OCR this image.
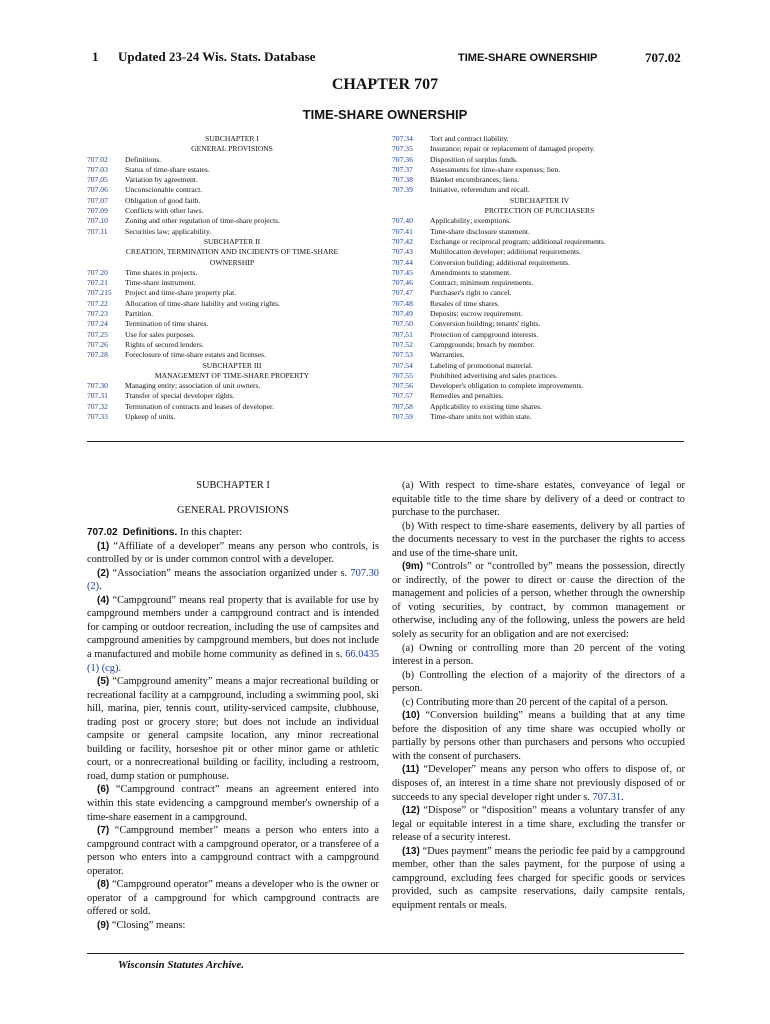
1 Updated 23-24 Wis. Stats. Database	TIME-SHARE OWNERSHIP	707.02
CHAPTER 707
TIME-SHARE OWNERSHIP
SUBCHAPTER I
GENERAL PROVISIONS
707.02	Definitions.
707.03	Status of time-share estates.
707.05	Variation by agreement.
707.06	Unconscionable contract.
707.07	Obligation of good faith.
707.09	Conflicts with other laws.
707.10	Zoning and other regulation of time-share projects.
707.11	Securities law; applicability.
SUBCHAPTER II
CREATION, TERMINATION AND INCIDENTS OF TIME-SHARE
OWNERSHIP
707.20	Time shares in projects.
707.21	Time-share instrument.
707.215	Project and time-share property plat.
707.22	Allocation of time-share liability and voting rights.
707.23	Partition.
707.24	Termination of time shares.
707.25	Use for sales purposes.
707.26	Rights of secured lenders.
707.28	Foreclosure of time-share estates and licenses.
SUBCHAPTER III
MANAGEMENT OF TIME-SHARE PROPERTY
707.30	Managing entity; association of unit owners.
707.31	Transfer of special developer rights.
707.32	Termination of contracts and leases of developer.
707.33	Upkeep of units.
707.34	Tort and contract liability.
707.35	Insurance; repair or replacement of damaged property.
707.36	Disposition of surplus funds.
707.37	Assessments for time-share expenses; lien.
707.38	Blanket encumbrances; liens.
707.39	Initiative, referendum and recall.
SUBCHAPTER IV
PROTECTION OF PURCHASERS
707.40	Applicability; exemptions.
707.41	Time-share disclosure statement.
707.42	Exchange or reciprocal program; additional requirements.
707.43	Multilocation developer; additional requirements.
707.44	Conversion building; additional requirements.
707.45	Amendments to statement.
707.46	Contract; minimum requirements.
707.47	Purchaser's right to cancel.
707.48	Resales of time shares.
707.49	Deposits; escrow requirement.
707.50	Conversion building; tenants' rights.
707.51	Protection of campground interests.
707.52	Campgrounds; breach by member.
707.53	Warranties.
707.54	Labeling of promotional material.
707.55	Prohibited advertising and sales practices.
707.56	Developer's obligation to complete improvements.
707.57	Remedies and penalties.
707.58	Applicability to existing time shares.
707.59	Time-share units not within state.

SUBCHAPTER I

GENERAL PROVISIONS

707.02 Definitions. In this chapter:

(1) “Affiliate of a developer” means any person who controls, is controlled by or is under common control with a developer.

(2) “Association” means the association organized under s. 707.30 (2).

(4) “Campground” means real property that is available for use by campground members under a campground contract and is intended for camping or outdoor recreation, including the use of campsites and campground amenities by campground members, but does not include a manufactured and mobile home community as defined in s. 66.0435 (1) (cg).

(5) “Campground amenity” means a major recreational building or recreational facility at a campground, including a swimming pool, ski hill, marina, pier, tennis court, utility-serviced campsite, clubhouse, trading post or grocery store; but does not include an individual campsite or general campsite location, any minor recreational building or facility, horseshoe pit or other minor game or athletic court, or a nonrecreational building or facility, including a restroom, road, dump station or pumphouse.

(6) “Campground contract” means an agreement entered into within this state evidencing a campground member's ownership of a time-share easement in a campground.

(7) “Campground member” means a person who enters into a campground contract with a campground operator, or a transferee of a person who enters into a campground contract with a campground operator.

(8) “Campground operator” means a developer who is the owner or operator of a campground for which campground contracts are offered or sold.

(9) “Closing” means:

(a) With respect to time-share estates, conveyance of legal or equitable title to the time share by delivery of a deed or contract to purchase to the purchaser.

(b) With respect to time-share easements, delivery by all parties of the documents necessary to vest in the purchaser the rights to access and use of the time-share unit.

(9m) “Controls” or “controlled by” means the possession, directly or indirectly, of the power to direct or cause the direction of the management and policies of a person, whether through the ownership of voting securities, by contract, by common management or otherwise, including any of the following, unless the powers are held solely as security for an obligation and are not exercised:

(a) Owning or controlling more than 20 percent of the voting interest in a person.

(b) Controlling the election of a majority of the directors of a person.

(c) Contributing more than 20 percent of the capital of a person.

(10) “Conversion building” means a building that at any time before the disposition of any time share was occupied wholly or partially by persons other than purchasers and persons who occupied with the consent of purchasers.

(11) “Developer” means any person who offers to dispose of, or disposes of, an interest in a time share not previously disposed of or succeeds to any special developer right under s. 707.31.

(12) “Dispose” or “disposition” means a voluntary transfer of any legal or equitable interest in a time share, excluding the transfer or release of a security interest.

(13) “Dues payment” means the periodic fee paid by a campground member, other than the sales payment, for the purpose of using a campground, excluding fees charged for specific goods or services provided, such as campsite reservations, daily campsite rentals, equipment rentals or meals.

Wisconsin Statutes Archive.
